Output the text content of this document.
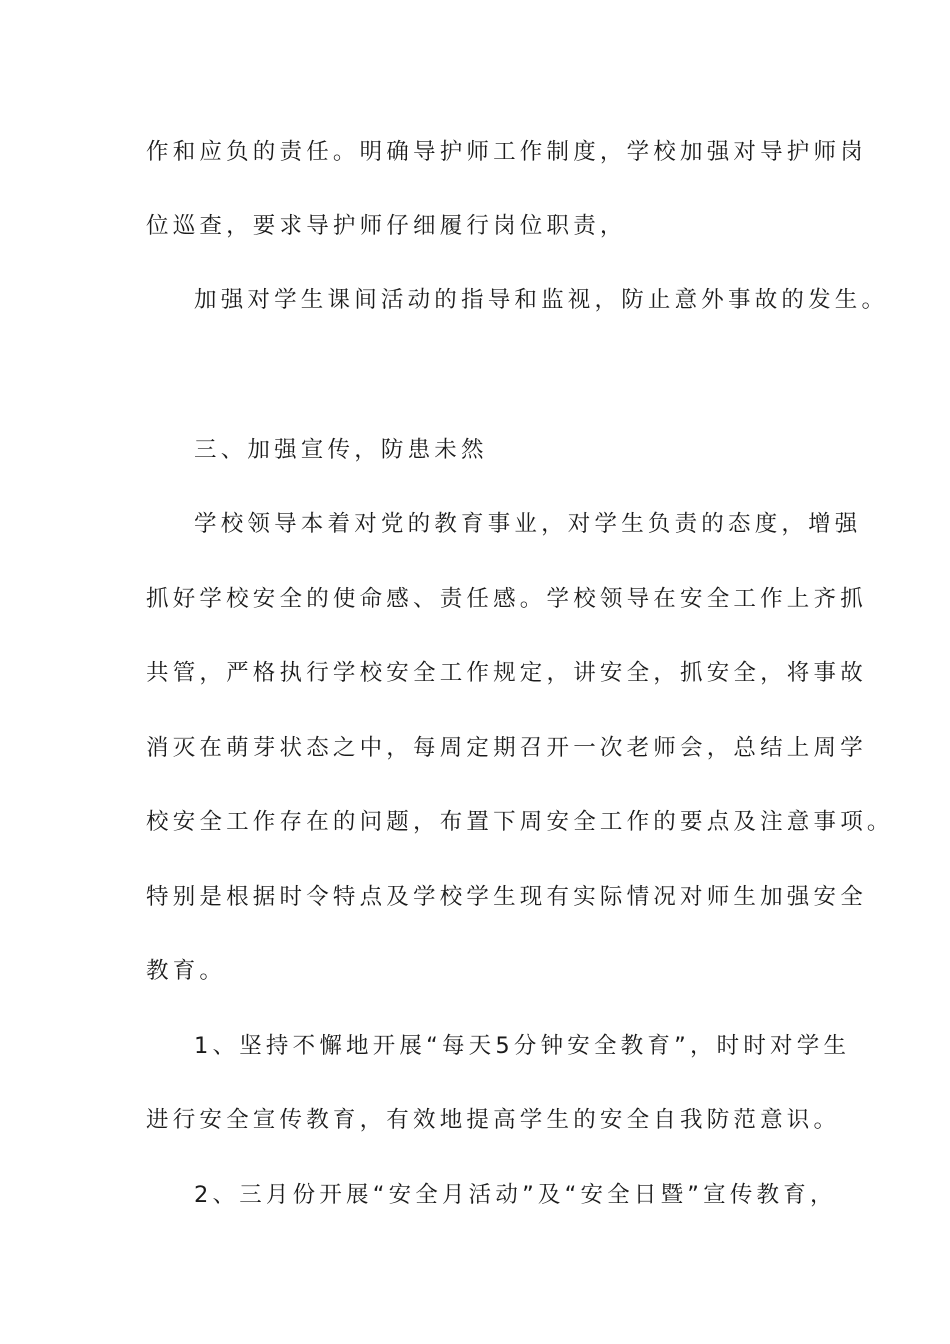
作和应负的责任。明确导护师工作制度，学校加强对导护师岗

位巡查，要求导护师仔细履行岗位职责，

加强对学生课间活动的指导和监视，防止意外事故的发生。

三、加强宣传，防患未然

学校领导本着对党的教育事业，对学生负责的态度，增强

抓好学校安全的使命感、责任感。学校领导在安全工作上齐抓

共管，严格执行学校安全工作规定，讲安全，抓安全，将事故

消灭在萌芽状态之中，每周定期召开一次老师会，总结上周学

校安全工作存在的问题，布置下周安全工作的要点及注意事项。

特别是根据时令特点及学校学生现有实际情况对师生加强安全

教育。

1、坚持不懈地开展“每天5分钟安全教育”，时时对学生

进行安全宣传教育，有效地提高学生的安全自我防范意识。

2、三月份开展“安全月活动”及“安全日暨”宣传教育，
